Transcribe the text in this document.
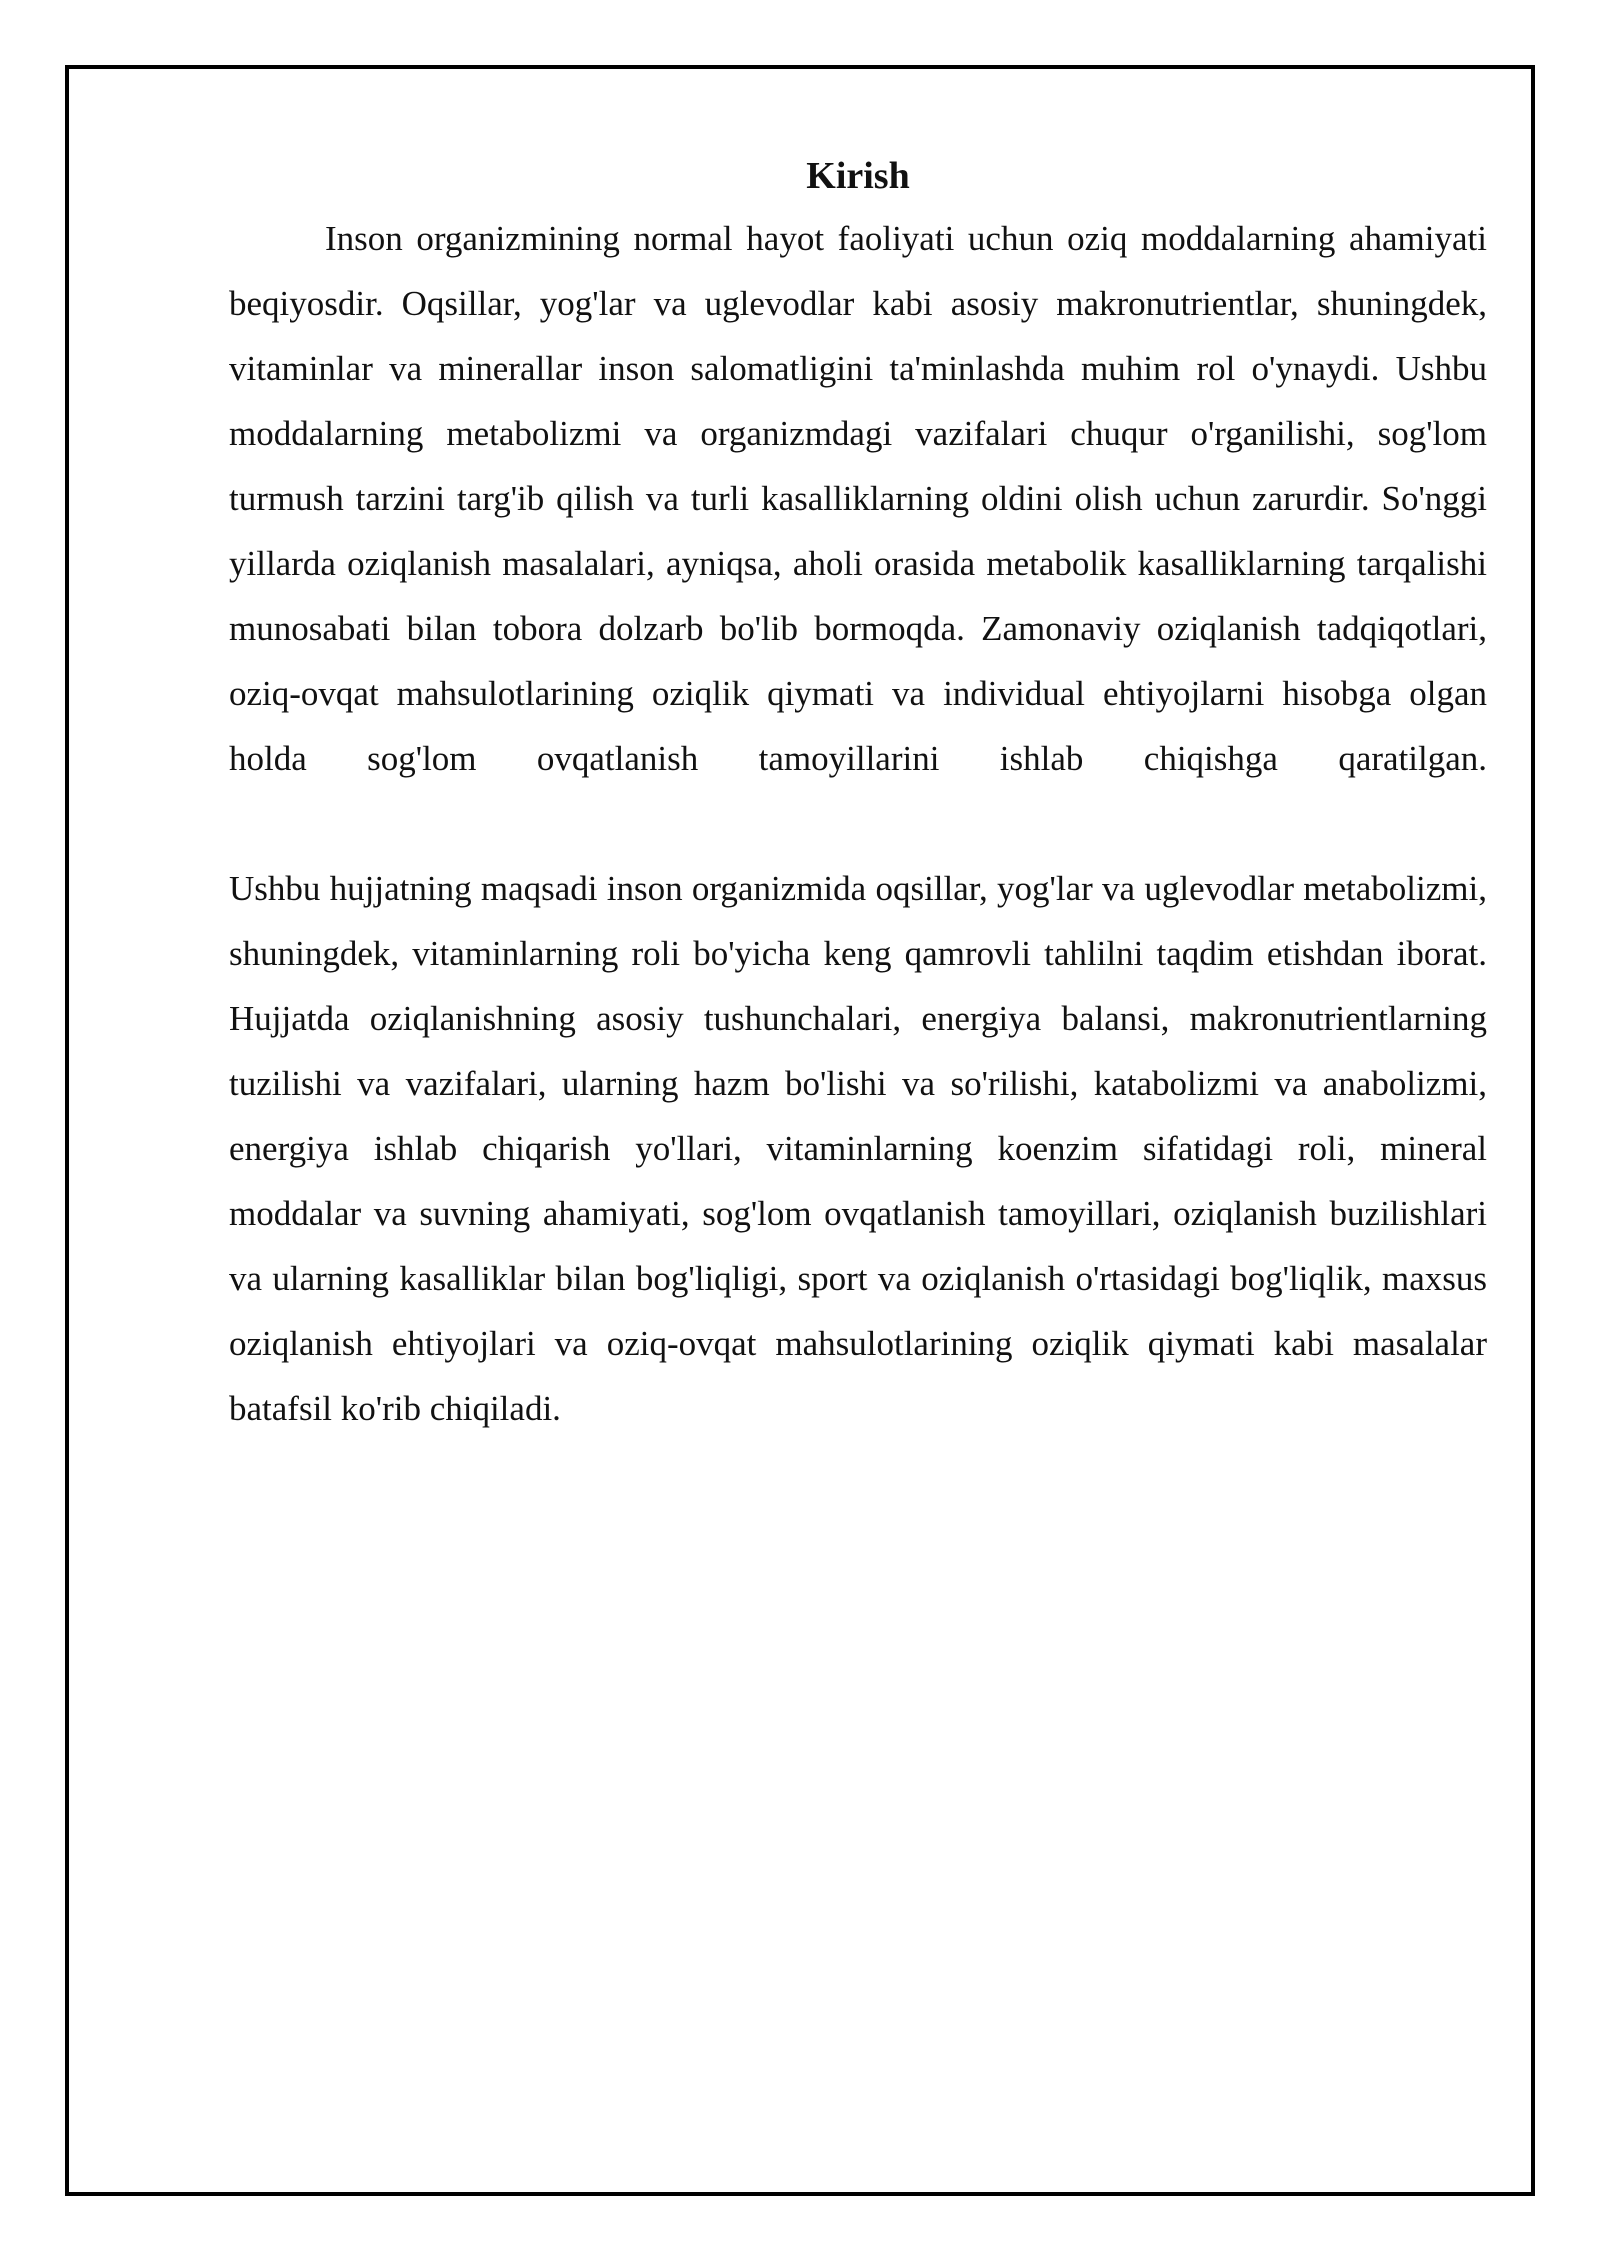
Kirish

Inson organizmining normal hayot faoliyati uchun oziq moddalarning ahamiyati beqiyosdir. Oqsillar, yog'lar va uglevodlar kabi asosiy makronutrientlar, shuningdek, vitaminlar va minerallar inson salomatligini ta'minlashda muhim rol o'ynaydi. Ushbu moddalarning metabolizmi va organizmdagi vazifalari chuqur o'rganilishi, sog'lom turmush tarzini targ'ib qilish va turli kasalliklarning oldini olish uchun zarurdir. So'nggi yillarda oziqlanish masalalari, ayniqsa, aholi orasida metabolik kasalliklarning tarqalishi munosabati bilan tobora dolzarb bo'lib bormoqda. Zamonaviy oziqlanish tadqiqotlari, oziq-ovqat mahsulotlarining oziqlik qiymati va individual ehtiyojlarni hisobga olgan holda sog'lom ovqatlanish tamoyillarini ishlab chiqishga qaratilgan.

Ushbu hujjatning maqsadi inson organizmida oqsillar, yog'lar va uglevodlar metabolizmi, shuningdek, vitaminlarning roli bo'yicha keng qamrovli tahlilni taqdim etishdan iborat. Hujjatda oziqlanishning asosiy tushunchalari, energiya balansi, makronutrientlarning tuzilishi va vazifalari, ularning hazm bo'lishi va so'rilishi, katabolizmi va anabolizmi, energiya ishlab chiqarish yo'llari, vitaminlarning koenzim sifatidagi roli, mineral moddalar va suvning ahamiyati, sog'lom ovqatlanish tamoyillari, oziqlanish buzilishlari va ularning kasalliklar bilan bog'liqligi, sport va oziqlanish o'rtasidagi bog'liqlik, maxsus oziqlanish ehtiyojlari va oziq-ovqat mahsulotlarining oziqlik qiymati kabi masalalar batafsil ko'rib chiqiladi.
